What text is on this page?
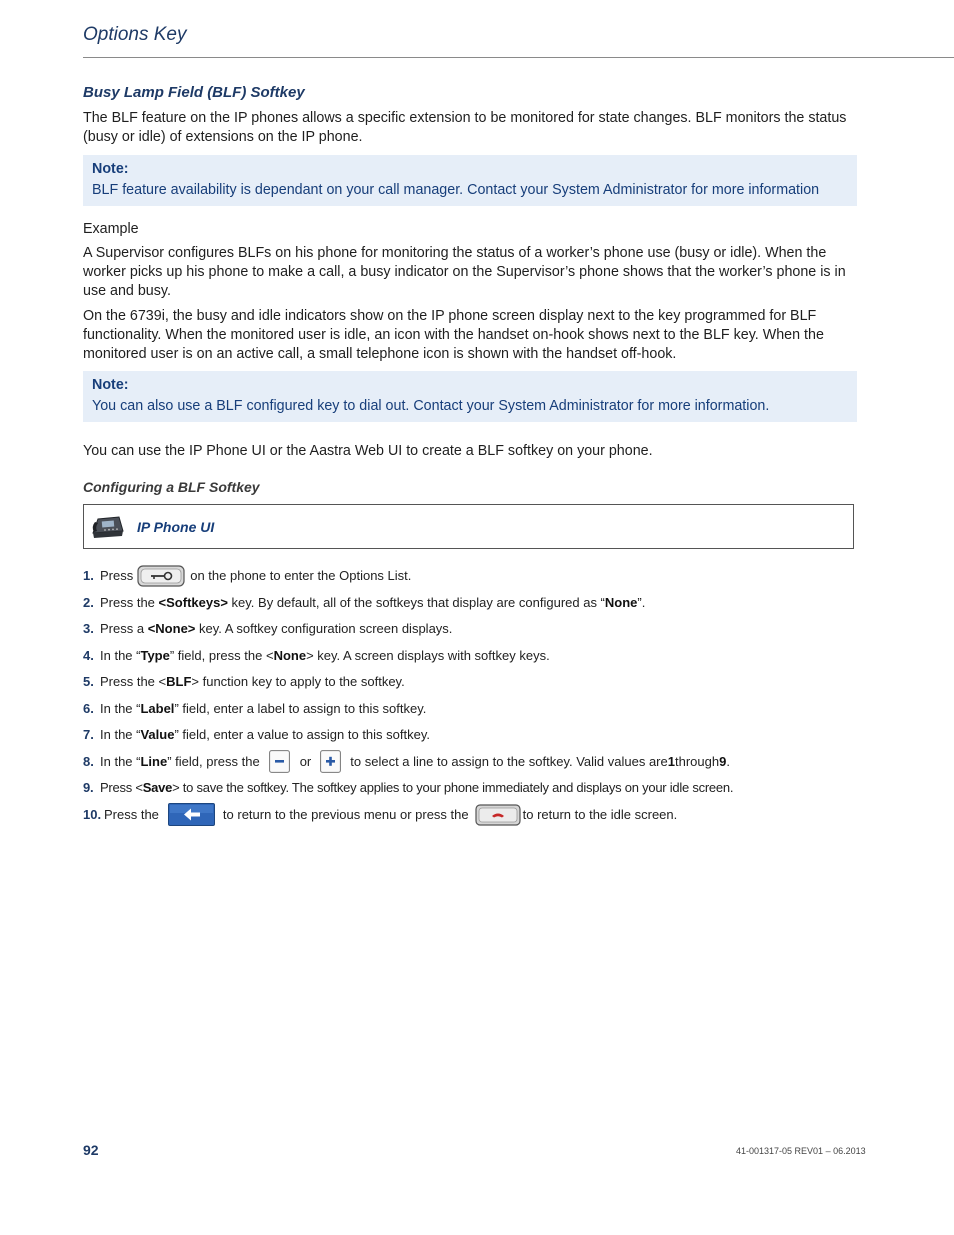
Options Key
Busy Lamp Field (BLF) Softkey

The BLF feature on the IP phones allows a specific extension to be monitored for state changes. BLF monitors the status (busy or idle) of extensions on the IP phone.

Note:
BLF feature availability is dependant on your call manager. Contact your System Administrator for more information

Example

A Supervisor configures BLFs on his phone for monitoring the status of a worker’s phone use (busy or idle). When the worker picks up his phone to make a call, a busy indicator on the Supervisor’s phone shows that the worker’s phone is in use and busy.

On the 6739i, the busy and idle indicators show on the IP phone screen display next to the key programmed for BLF functionality. When the monitored user is idle, an icon with the handset on-hook shows next to the BLF key. When the monitored user is on an active call, a small telephone icon is shown with the handset off-hook.

Note:
You can also use a BLF configured key to dial out. Contact your System Administrator for more information.

You can use the IP Phone UI or the Aastra Web UI to create a BLF softkey on your phone.

Configuring a BLF Softkey
IP Phone UI
1. Press	on the phone to enter the Options List.
2. Press the
<Softkeys>
key. By default, all of the softkeys that display are configured as “ None ”.
3. Press a
<None>
key. A softkey configuration screen displays.
4. In the “ Type ” field, press the < None > key. A screen displays with softkey keys.
5. Press the < BLF > function key to apply to the softkey.
6. In the “ Label ” field, enter a label to assign to this softkey.
7. In the “ Value ” field, enter a value to assign to this softkey.
8. In the “ Line ” field, press the	or	to select a line to assign to the softkey. Valid values are 1 through 9 .
9. Press < Save > to save the softkey. The softkey applies to your phone immediately and displays on your idle screen.
10. Press the	to return to the previous menu or press the	to return to the idle screen.
92	41-001317-05 REV01 – 06.2013
